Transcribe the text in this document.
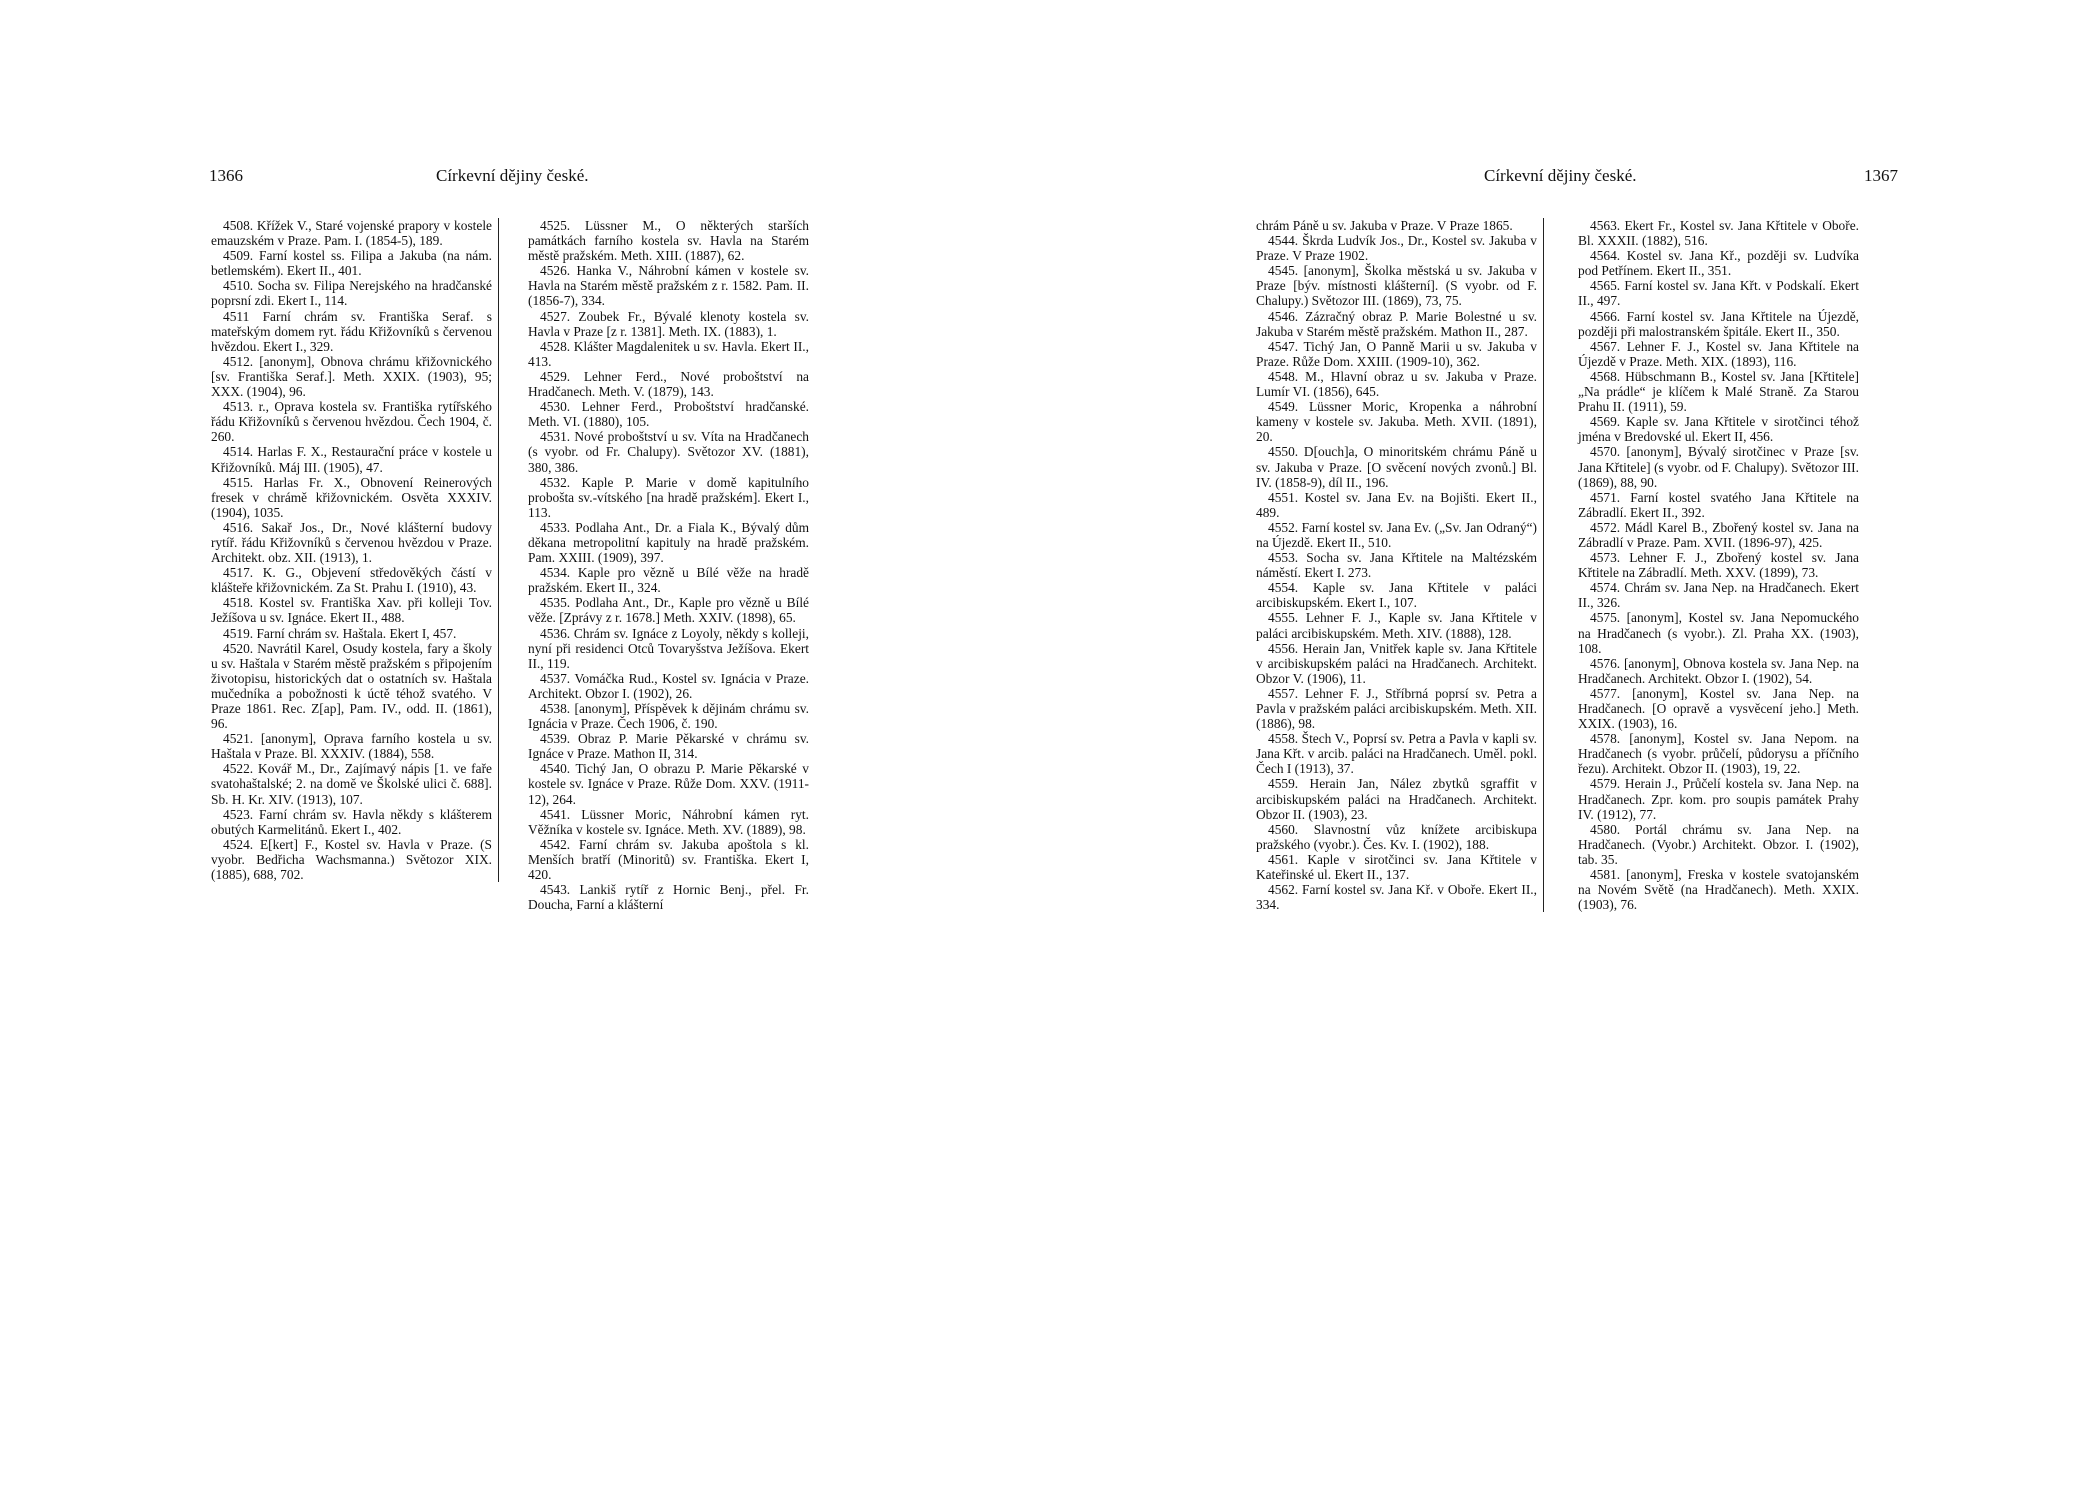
1366	Církevní dějiny české.

4508. Křížek V., Staré vojenské prapory v kostele emauzském v Praze. Pam. I. (1854-5), 189.

4509. Farní kostel ss. Filipa a Jakuba (na nám. betlemském). Ekert II., 401.

4510. Socha sv. Filipa Nerejského na hradčanské poprsní zdi. Ekert I., 114.

4511 Farní chrám sv. Františka Seraf. s mateřským domem ryt. řádu Křižovníků s červenou hvězdou. Ekert I., 329.

4512. [anonym], Obnova chrámu křižovnického [sv. Františka Seraf.]. Meth. XXIX. (1903), 95; XXX. (1904), 96.

4513. r., Oprava kostela sv. Františka rytířského řádu Křižovníků s červenou hvězdou. Čech 1904, č. 260.

4514. Harlas F. X., Restaurační práce v kostele u Křižovníků. Máj III. (1905), 47.

4515. Harlas Fr. X., Obnovení Reinerových fresek v chrámě křižovnickém. Osvěta XXXIV. (1904), 1035.

4516. Sakař Jos., Dr., Nové klášterní budovy rytíř. řádu Křižovníků s červenou hvězdou v Praze. Architekt. obz. XII. (1913), 1.

4517. K. G., Objevení středověkých částí v klášteře křižovnickém. Za St. Prahu I. (1910), 43.

4518. Kostel sv. Františka Xav. při kolleji Tov. Ježíšova u sv. Ignáce. Ekert II., 488.

4519. Farní chrám sv. Haštala. Ekert I, 457.

4520. Navrátil Karel, Osudy kostela, fary a školy u sv. Haštala v Starém městě pražském s připojením životopisu, historických dat o ostatních sv. Haštala mučedníka a pobožnosti k úctě téhož svatého. V Praze 1861. Rec. Z[ap], Pam. IV., odd. II. (1861), 96.

4521. [anonym], Oprava farního kostela u sv. Haštala v Praze. Bl. XXXIV. (1884), 558.

4522. Kovář M., Dr., Zajímavý nápis [1. ve faře svatohaštalské; 2. na domě ve Školské ulici č. 688]. Sb. H. Kr. XIV. (1913), 107.

4523. Farní chrám sv. Havla někdy s klášterem obutých Karmelitánů. Ekert I., 402.

4524. E[kert] F., Kostel sv. Havla v Praze. (S vyobr. Bedřicha Wachsmanna.) Světozor XIX. (1885), 688, 702.

4525. Lüssner M., O některých starších památkách farního kostela sv. Havla na Starém městě pražském. Meth. XIII. (1887), 62.

4526. Hanka V., Náhrobní kámen v kostele sv. Havla na Starém městě pražském z r. 1582. Pam. II. (1856-7), 334.

4527. Zoubek Fr., Bývalé klenoty kostela sv. Havla v Praze [z r. 1381]. Meth. IX. (1883), 1.

4528. Klášter Magdalenitek u sv. Havla. Ekert II., 413.

4529. Lehner Ferd., Nové proboštství na Hradčanech. Meth. V. (1879), 143.

4530. Lehner Ferd., Proboštství hradčanské. Meth. VI. (1880), 105.

4531. Nové proboštství u sv. Víta na Hradčanech (s vyobr. od Fr. Chalupy). Světozor XV. (1881), 380, 386.

4532. Kaple P. Marie v domě kapitulního probošta sv.-vítského [na hradě pražském]. Ekert I., 113.

4533. Podlaha Ant., Dr. a Fiala K., Bývalý dům děkana metropolitní kapituly na hradě pražském. Pam. XXIII. (1909), 397.

4534. Kaple pro vězně u Bílé věže na hradě pražském. Ekert II., 324.

4535. Podlaha Ant., Dr., Kaple pro vězně u Bílé věže. [Zprávy z r. 1678.] Meth. XXIV. (1898), 65.

4536. Chrám sv. Ignáce z Loyoly, někdy s kolleji, nyní při residenci Otců Tovaryšstva Ježíšova. Ekert II., 119.

4537. Vomáčka Rud., Kostel sv. Ignácia v Praze. Architekt. Obzor I. (1902), 26.

4538. [anonym], Příspěvek k dějinám chrámu sv. Ignácia v Praze. Čech 1906, č. 190.

4539. Obraz P. Marie Pěkarské v chrámu sv. Ignáce v Praze. Mathon II, 314.

4540. Tichý Jan, O obrazu P. Marie Pěkarské v kostele sv. Ignáce v Praze. Růže Dom. XXV. (1911-12), 264.

4541. Lüssner Moric, Náhrobní kámen ryt. Věžníka v kostele sv. Ignáce. Meth. XV. (1889), 98.

4542. Farní chrám sv. Jakuba apoštola s kl. Menších bratří (Minoritů) sv. Františka. Ekert I, 420.

4543. Lankiš rytíř z Hornic Benj., přel. Fr. Doucha, Farní a klášterní

Církevní dějiny české.	1367

chrám Páně u sv. Jakuba v Praze. V Praze 1865.

4544. Škrda Ludvík Jos., Dr., Kostel sv. Jakuba v Praze. V Praze 1902.

4545. [anonym], Školka městská u sv. Jakuba v Praze [býv. místnosti klášterní]. (S vyobr. od F. Chalupy.) Světozor III. (1869), 73, 75.

4546. Zázračný obraz P. Marie Bolestné u sv. Jakuba v Starém městě pražském. Mathon II., 287.

4547. Tichý Jan, O Panně Marii u sv. Jakuba v Praze. Růže Dom. XXIII. (1909-10), 362.

4548. M., Hlavní obraz u sv. Jakuba v Praze. Lumír VI. (1856), 645.

4549. Lüssner Moric, Kropenka a náhrobní kameny v kostele sv. Jakuba. Meth. XVII. (1891), 20.

4550. D[ouch]a, O minoritském chrámu Páně u sv. Jakuba v Praze. [O svěcení nových zvonů.] Bl. IV. (1858-9), díl II., 196.

4551. Kostel sv. Jana Ev. na Bojišti. Ekert II., 489.

4552. Farní kostel sv. Jana Ev. („Sv. Jan Odraný“) na Újezdě. Ekert II., 510.

4553. Socha sv. Jana Křtitele na Maltézském náměstí. Ekert I. 273.

4554. Kaple sv. Jana Křtitele v paláci arcibiskupském. Ekert I., 107.

4555. Lehner F. J., Kaple sv. Jana Křtitele v paláci arcibiskupském. Meth. XIV. (1888), 128.

4556. Herain Jan, Vnitřek kaple sv. Jana Křtitele v arcibiskupském paláci na Hradčanech. Architekt. Obzor V. (1906), 11.

4557. Lehner F. J., Stříbrná poprsí sv. Petra a Pavla v pražském paláci arcibiskupském. Meth. XII. (1886), 98.

4558. Štech V., Poprsí sv. Petra a Pavla v kapli sv. Jana Křt. v arcib. paláci na Hradčanech. Uměl. pokl. Čech I (1913), 37.

4559. Herain Jan, Nález zbytků sgraffit v arcibiskupském paláci na Hradčanech. Architekt. Obzor II. (1903), 23.

4560. Slavnostní vůz knížete arcibiskupa pražského (vyobr.). Čes. Kv. I. (1902), 188.

4561. Kaple v sirotčinci sv. Jana Křtitele v Kateřinské ul. Ekert II., 137.

4562. Farní kostel sv. Jana Kř. v Oboře. Ekert II., 334.

4563. Ekert Fr., Kostel sv. Jana Křtitele v Oboře. Bl. XXXII. (1882), 516.

4564. Kostel sv. Jana Kř., později sv. Ludvíka pod Petřínem. Ekert II., 351.

4565. Farní kostel sv. Jana Křt. v Podskalí. Ekert II., 497.

4566. Farní kostel sv. Jana Křtitele na Újezdě, později při malostranském špitále. Ekert II., 350.

4567. Lehner F. J., Kostel sv. Jana Křtitele na Újezdě v Praze. Meth. XIX. (1893), 116.

4568. Hübschmann B., Kostel sv. Jana [Křtitele] „Na prádle“ je klíčem k Malé Straně. Za Starou Prahu II. (1911), 59.

4569. Kaple sv. Jana Křtitele v sirotčinci téhož jména v Bredovské ul. Ekert II, 456.

4570. [anonym], Bývalý sirotčinec v Praze [sv. Jana Křtitele] (s vyobr. od F. Chalupy). Světozor III. (1869), 88, 90.

4571. Farní kostel svatého Jana Křtitele na Zábradlí. Ekert II., 392.

4572. Mádl Karel B., Zbořený kostel sv. Jana na Zábradlí v Praze. Pam. XVII. (1896-97), 425.

4573. Lehner F. J., Zbořený kostel sv. Jana Křtitele na Zábradlí. Meth. XXV. (1899), 73.

4574. Chrám sv. Jana Nep. na Hradčanech. Ekert II., 326.

4575. [anonym], Kostel sv. Jana Nepomuckého na Hradčanech (s vyobr.). Zl. Praha XX. (1903), 108.

4576. [anonym], Obnova kostela sv. Jana Nep. na Hradčanech. Architekt. Obzor I. (1902), 54.

4577. [anonym], Kostel sv. Jana Nep. na Hradčanech. [O opravě a vysvěcení jeho.] Meth. XXIX. (1903), 16.

4578. [anonym], Kostel sv. Jana Nepom. na Hradčanech (s vyobr. průčelí, půdorysu a příčního řezu). Architekt. Obzor II. (1903), 19, 22.

4579. Herain J., Průčelí kostela sv. Jana Nep. na Hradčanech. Zpr. kom. pro soupis památek Prahy IV. (1912), 77.

4580. Portál chrámu sv. Jana Nep. na Hradčanech. (Vyobr.) Architekt. Obzor. I. (1902), tab. 35.

4581. [anonym], Freska v kostele svatojanském na Novém Světě (na Hradčanech). Meth. XXIX. (1903), 76.
